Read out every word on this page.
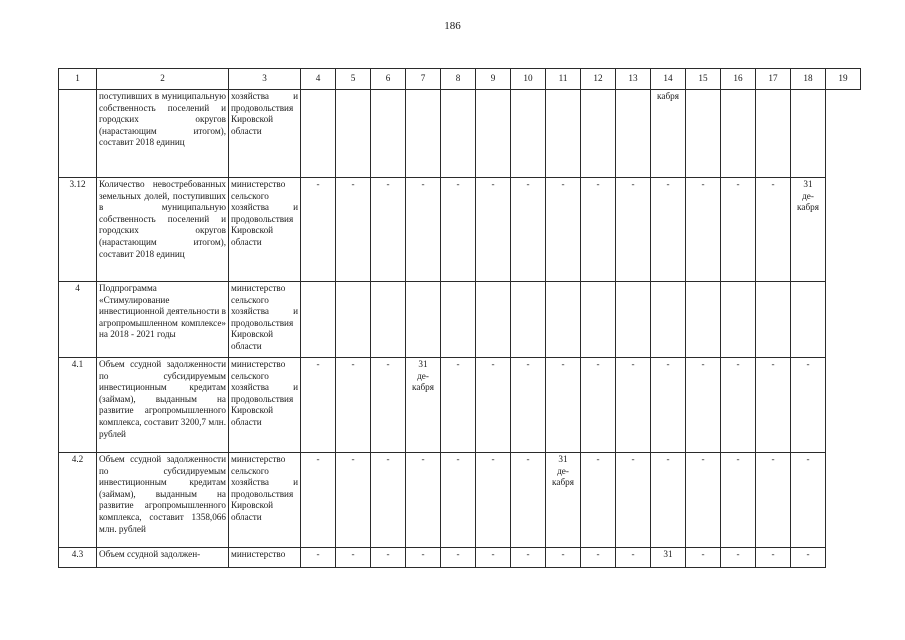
186
1	2	3	4	5	6	7	8	9	10	11	12	13	14	15	16	17	18	19
	поступивших в муниципальную собственность поселений и городских округов (нарастающим итогом), составит 2018 единиц	хозяйства и продовольствия Кировской области											кабря					
3.12	Количество невостребованных земельных долей, поступивших в муниципальную собственность поселений и городских округов (нарастающим итогом), составит 2018 единиц	министерство сельского хозяйства и продовольствия Кировской области	-	-	-	-	-	-	-	-	-	-	-	-	-	-	31
де-
кабря	
4	Подпрограмма «Стимулирование инвестиционной деятельности в агропромышленном комплексе» на 2018 - 2021 годы	министерство сельского хозяйства и продовольствия Кировской области																
4.1	Объем ссудной задолженности по субсидируемым инвестиционным кредитам (займам), выданным на развитие агропромышленного комплекса, составит 3200,7 млн. рублей	министерство сельского хозяйства и продовольствия Кировской области	-	-	-	31
де-
кабря	-	-	-	-	-	-	-	-	-	-	-	
4.2	Объем ссудной задолженности по субсидируемым инвестиционным кредитам (займам), выданным на развитие агропромышленного комплекса, составит 1358,066 млн. рублей	министерство сельского хозяйства и продовольствия Кировской области	-	-	-	-	-	-	-	31
де-
кабря	-	-	-	-	-	-	-	
4.3	Объем ссудной задолжен-	министерство	-	-	-	-	-	-	-	-	-	-	31	-	-	-	-	
